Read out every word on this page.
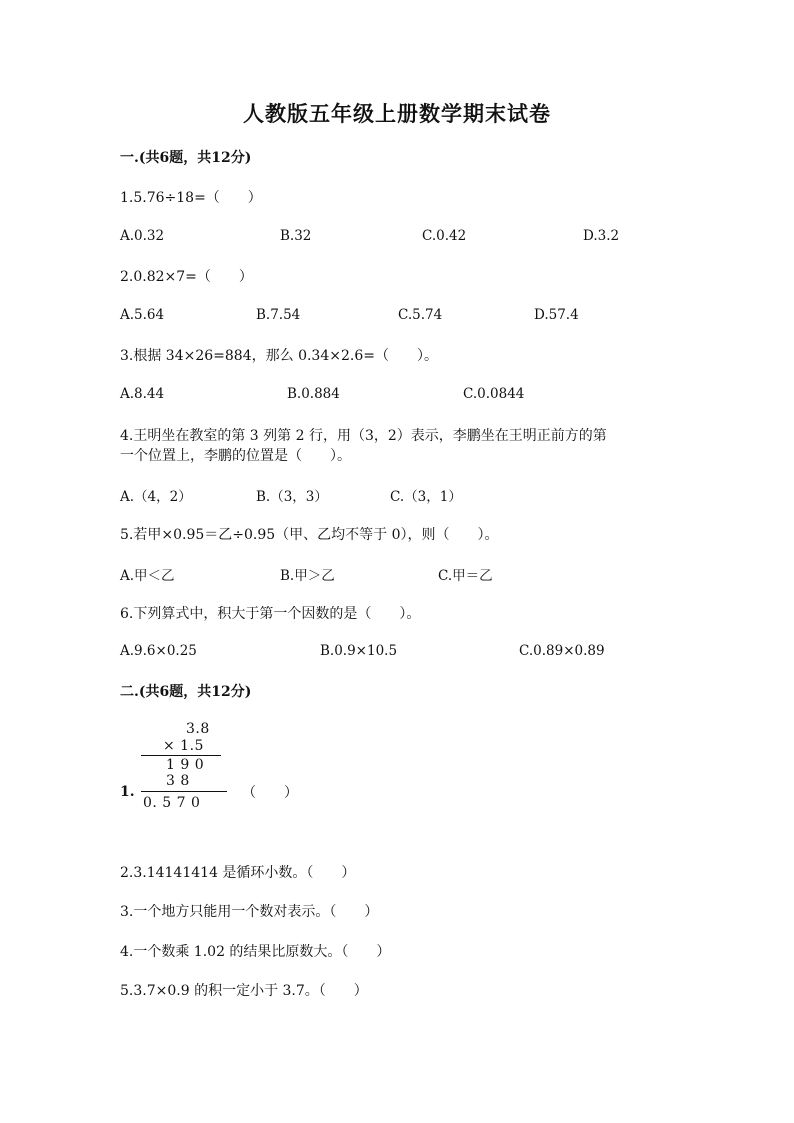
人教版五年级上册数学期末试卷
一.(共6题，共12分)
1.5.76÷18=（　　）
A.0.32	B.32	C.0.42	D.3.2
2.0.82×7=（　　）
A.5.64	B.7.54	C.5.74	D.57.4
3.根据 34×26=884，那么 0.34×2.6=（　　）。
A.8.44	B.0.884	C.0.0844
4.王明坐在教室的第 3 列第 2 行，用（3，2）表示，李鹏坐在王明正前方的第
一个位置上，李鹏的位置是（　　）。
A.（4，2）	B.（3，3）	C.（3，1）
5.若甲×0.95＝乙÷0.95（甲、乙均不等于 0），则（　　）。
A.甲＜乙	B.甲＞乙	C.甲＝乙
6.下列算式中，积大于第一个因数的是（　　）。
A.9.6×0.25	B.0.9×10.5	C.0.89×0.89
二.(共6题，共12分)
3.8
× 1.5
1 9 0
3 8
0. 5 7 0
1.	（　　）
2.3.14141414 是循环小数。（　　）
3.一个地方只能用一个数对表示。（　　）
4.一个数乘 1.02 的结果比原数大。（　　）
5.3.7×0.9 的积一定小于 3.7。（　　）
